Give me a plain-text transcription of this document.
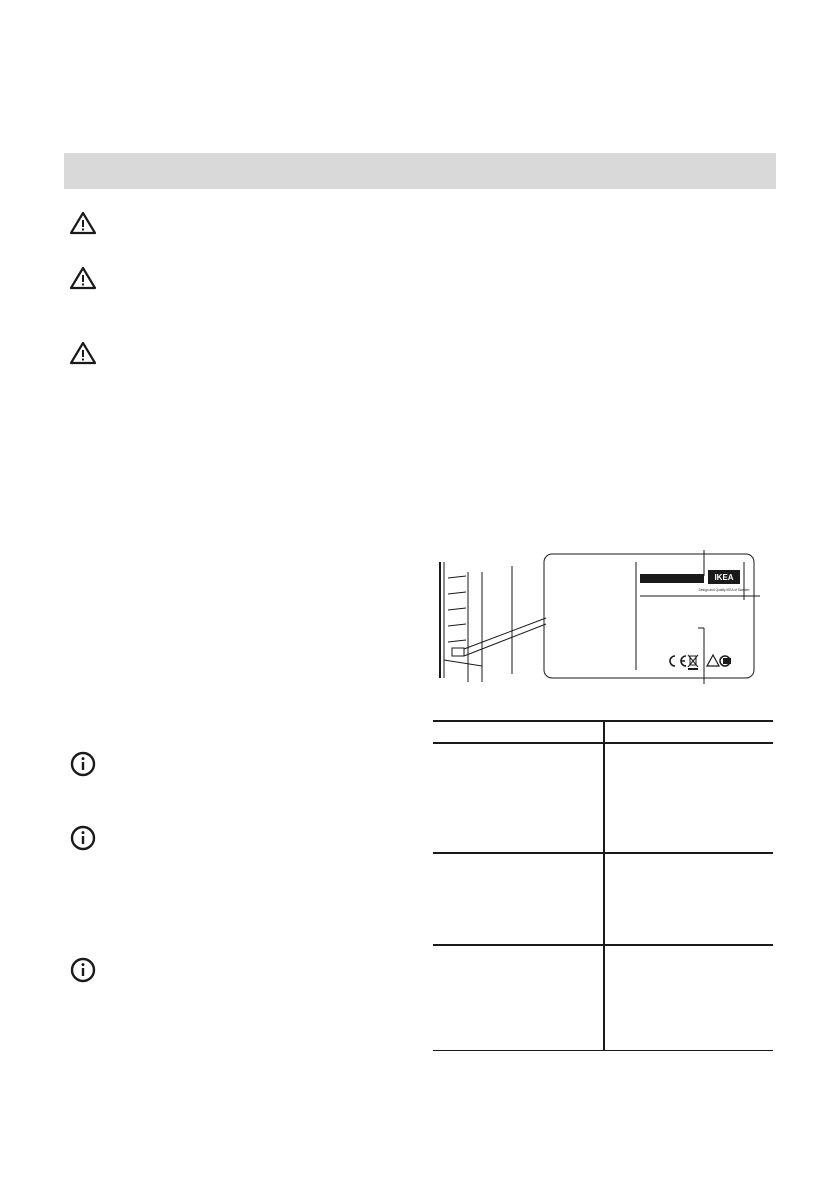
IKEA
Design and Quality IKEA of Sweden
